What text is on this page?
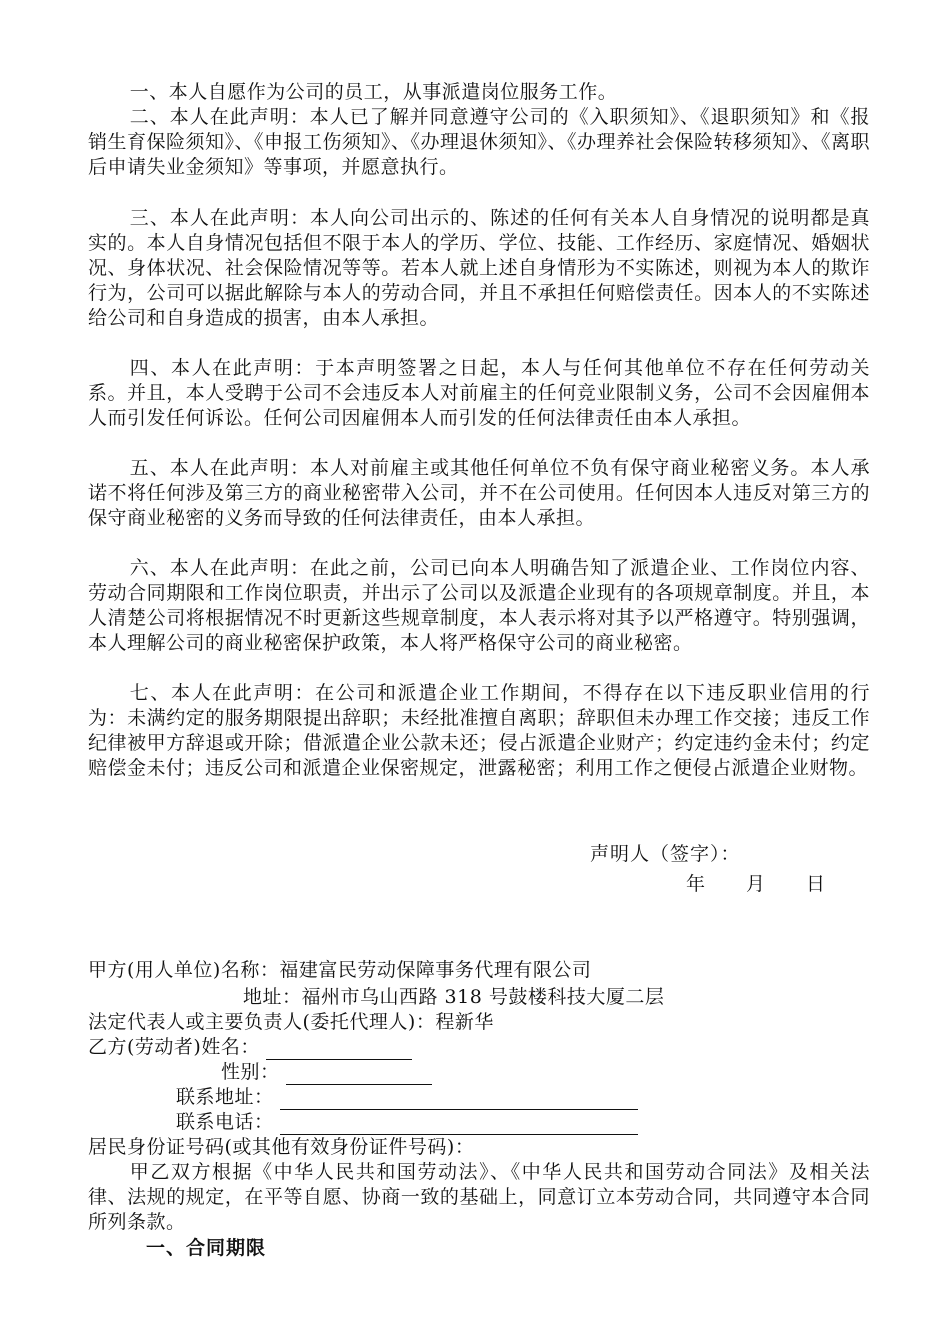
一、本人自愿作为公司的员工，从事派遣岗位服务工作。

二、本人在此声明：本人已了解并同意遵守公司的《入职须知》、《退职须知》和《报销生育保险须知》、《申报工伤须知》、《办理退休须知》、《办理养社会保险转移须知》、《离职后申请失业金须知》等事项，并愿意执行。

三、本人在此声明：本人向公司出示的、陈述的任何有关本人自身情况的说明都是真实的。本人自身情况包括但不限于本人的学历、学位、技能、工作经历、家庭情况、婚姻状况、身体状况、社会保险情况等等。若本人就上述自身情形为不实陈述，则视为本人的欺诈行为，公司可以据此解除与本人的劳动合同，并且不承担任何赔偿责任。因本人的不实陈述给公司和自身造成的损害，由本人承担。

四、本人在此声明：于本声明签署之日起，本人与任何其他单位不存在任何劳动关系。并且，本人受聘于公司不会违反本人对前雇主的任何竞业限制义务，公司不会因雇佣本人而引发任何诉讼。任何公司因雇佣本人而引发的任何法律责任由本人承担。

五、本人在此声明：本人对前雇主或其他任何单位不负有保守商业秘密义务。本人承诺不将任何涉及第三方的商业秘密带入公司，并不在公司使用。任何因本人违反对第三方的保守商业秘密的义务而导致的任何法律责任，由本人承担。

六、本人在此声明：在此之前，公司已向本人明确告知了派遣企业、工作岗位内容、劳动合同期限和工作岗位职责，并出示了公司以及派遣企业现有的各项规章制度。并且，本人清楚公司将根据情况不时更新这些规章制度，本人表示将对其予以严格遵守。特别强调，本人理解公司的商业秘密保护政策，本人将严格保守公司的商业秘密。

七、本人在此声明：在公司和派遣企业工作期间，不得存在以下违反职业信用的行为：未满约定的服务期限提出辞职；未经批准擅自离职；辞职但未办理工作交接；违反工作纪律被甲方辞退或开除；借派遣企业公款未还；侵占派遣企业财产；约定违约金未付；约定赔偿金未付；违反公司和派遣企业保密规定，泄露秘密；利用工作之便侵占派遣企业财物。

声明人（签字）：
年　　月　　日
甲方(用人单位)名称：福建富民劳动保障事务代理有限公司
地址：福州市乌山西路 318 号鼓楼科技大厦二层
法定代表人或主要负责人(委托代理人)：程新华
乙方(劳动者)姓名：
性别：
联系地址：
联系电话：
居民身份证号码(或其他有效身份证件号码)：

甲乙双方根据《中华人民共和国劳动法》、《中华人民共和国劳动合同法》及相关法律、法规的规定，在平等自愿、协商一致的基础上，同意订立本劳动合同，共同遵守本合同所列条款。

一、合同期限
